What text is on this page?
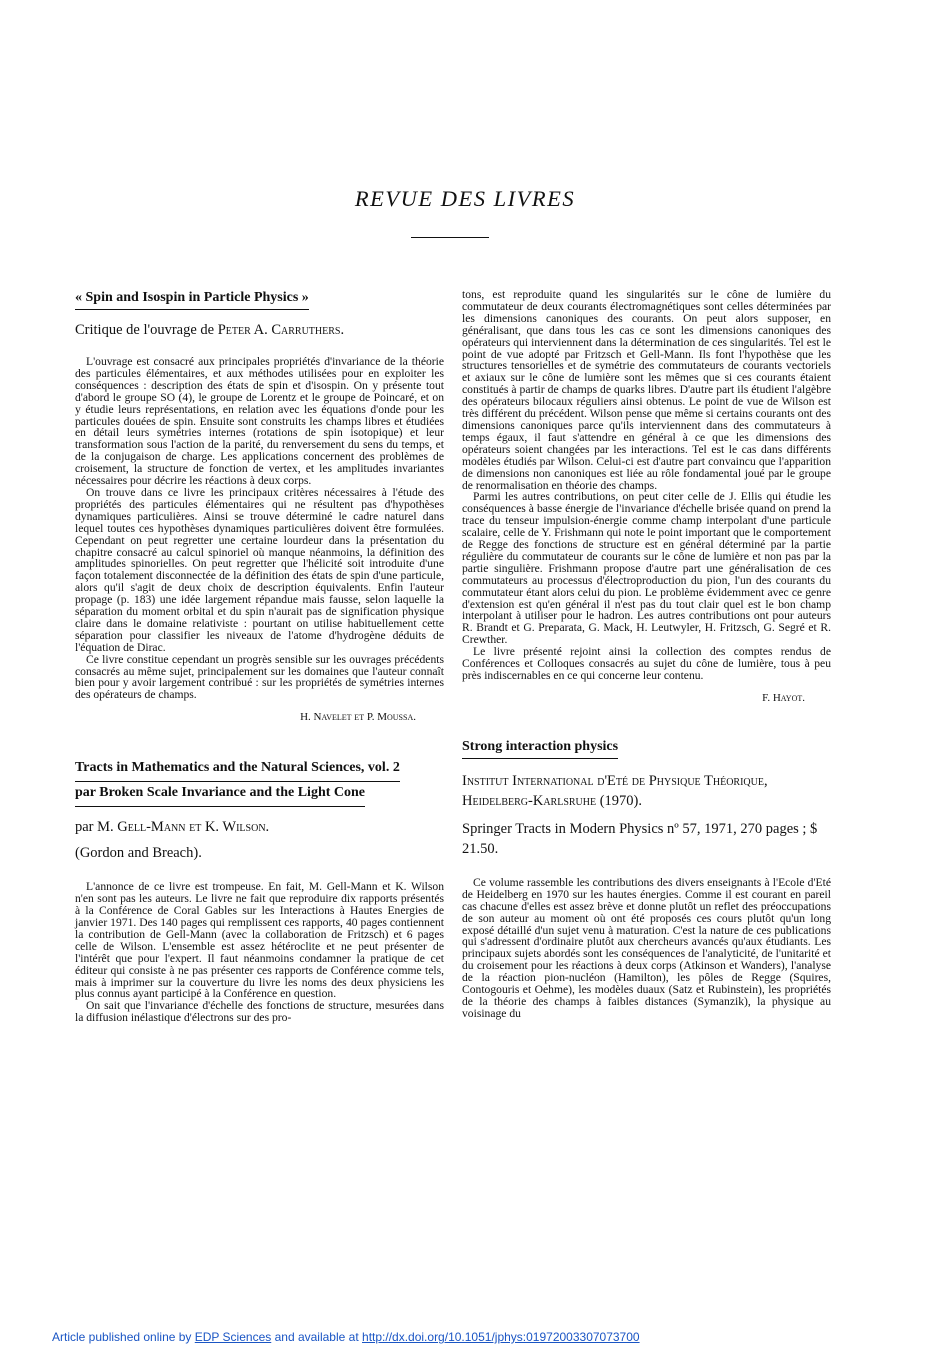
REVUE DES LIVRES
« Spin and Isospin in Particle Physics »
Critique de l'ouvrage de Peter A. Carruthers.

L'ouvrage est consacré aux principales propriétés d'invariance de la théorie des particules élémentaires, et aux méthodes utilisées pour en exploiter les conséquences : description des états de spin et d'isospin. On y présente tout d'abord le groupe SO (4), le groupe de Lorentz et le groupe de Poincaré, et on y étudie leurs représentations, en relation avec les équations d'onde pour les particules douées de spin. Ensuite sont construits les champs libres et étudiées en détail leurs symétries internes (rotations de spin isotopique) et leur transformation sous l'action de la parité, du renversement du sens du temps, et de la conjugaison de charge. Les applications concernent des problèmes de croisement, la structure de fonction de vertex, et les amplitudes invariantes nécessaires pour décrire les réactions à deux corps.

On trouve dans ce livre les principaux critères nécessaires à l'étude des propriétés des particules élémentaires qui ne résultent pas d'hypothèses dynamiques particulières. Ainsi se trouve déterminé le cadre naturel dans lequel toutes ces hypothèses dynamiques particulières doivent être formulées. Cependant on peut regretter une certaine lourdeur dans la présentation du chapitre consacré au calcul spinoriel où manque néanmoins, la définition des amplitudes spinorielles. On peut regretter que l'hélicité soit introduite d'une façon totalement disconnectée de la définition des états de spin d'une particule, alors qu'il s'agit de deux choix de description équivalents. Enfin l'auteur propage (p. 183) une idée largement répandue mais fausse, selon laquelle la séparation du moment orbital et du spin n'aurait pas de signification physique claire dans le domaine relativiste : pourtant on utilise habituellement cette séparation pour classifier les niveaux de l'atome d'hydrogène déduits de l'équation de Dirac.

Ce livre constitue cependant un progrès sensible sur les ouvrages précédents consacrés au même sujet, principalement sur les domaines que l'auteur connaît bien pour y avoir largement contribué : sur les propriétés de symétries internes des opérateurs de champs.

H. Navelet et P. Moussa.
Tracts in Mathematics and the Natural Sciences, vol. 2
par Broken Scale Invariance and the Light Cone
par M. Gell-Mann et K. Wilson.
(Gordon and Breach).

L'annonce de ce livre est trompeuse. En fait, M. Gell-Mann et K. Wilson n'en sont pas les auteurs. Le livre ne fait que reproduire dix rapports présentés à la Conférence de Coral Gables sur les Interactions à Hautes Energies de janvier 1971. Des 140 pages qui remplissent ces rapports, 40 pages contiennent la contribution de Gell-Mann (avec la collaboration de Fritzsch) et 6 pages celle de Wilson. L'ensemble est assez hétéroclite et ne peut présenter de l'intérêt que pour l'expert. Il faut néanmoins condamner la pratique de cet éditeur qui consiste à ne pas présenter ces rapports de Conférence comme tels, mais à imprimer sur la couverture du livre les noms des deux physiciens les plus connus ayant participé à la Conférence en question.

On sait que l'invariance d'échelle des fonctions de structure, mesurées dans la diffusion inélastique d'électrons sur des pro-

tons, est reproduite quand les singularités sur le cône de lumière du commutateur de deux courants électromagnétiques sont celles déterminées par les dimensions canoniques des courants. On peut alors supposer, en généralisant, que dans tous les cas ce sont les dimensions canoniques des opérateurs qui interviennent dans la détermination de ces singularités. Tel est le point de vue adopté par Fritzsch et Gell-Mann. Ils font l'hypothèse que les structures tensorielles et de symétrie des commutateurs de courants vectoriels et axiaux sur le cône de lumière sont les mêmes que si ces courants étaient constitués à partir de champs de quarks libres. D'autre part ils étudient l'algèbre des opérateurs bilocaux réguliers ainsi obtenus. Le point de vue de Wilson est très différent du précédent. Wilson pense que même si certains courants ont des dimensions canoniques parce qu'ils interviennent dans des commutateurs à temps égaux, il faut s'attendre en général à ce que les dimensions des opérateurs soient changées par les interactions. Tel est le cas dans différents modèles étudiés par Wilson. Celui-ci est d'autre part convaincu que l'apparition de dimensions non canoniques est liée au rôle fondamental joué par le groupe de renormalisation en théorie des champs.

Parmi les autres contributions, on peut citer celle de J. Ellis qui étudie les conséquences à basse énergie de l'invariance d'échelle brisée quand on prend la trace du tenseur impulsion-énergie comme champ interpolant d'une particule scalaire, celle de Y. Frishmann qui note le point important que le comportement de Regge des fonctions de structure est en général déterminé par la partie régulière du commutateur de courants sur le cône de lumière et non pas par la partie singulière. Frishmann propose d'autre part une généralisation de ces commutateurs au processus d'électroproduction du pion, l'un des courants du commutateur étant alors celui du pion. Le problème évidemment avec ce genre d'extension est qu'en général il n'est pas du tout clair quel est le bon champ interpolant à utiliser pour le hadron. Les autres contributions ont pour auteurs R. Brandt et G. Preparata, G. Mack, H. Leutwyler, H. Fritzsch, G. Segré et R. Crewther.

Le livre présenté rejoint ainsi la collection des comptes rendus de Conférences et Colloques consacrés au sujet du cône de lumière, tous à peu près indiscernables en ce qui concerne leur contenu.

F. Hayot.
Strong interaction physics
Institut International d'Eté de Physique Théorique, Heidelberg-Karlsruhe (1970).
Springer Tracts in Modern Physics nº 57, 1971, 270 pages ; $ 21.50.

Ce volume rassemble les contributions des divers enseignants à l'Ecole d'Eté de Heidelberg en 1970 sur les hautes énergies. Comme il est courant en pareil cas chacune d'elles est assez brève et donne plutôt un reflet des préoccupations de son auteur au moment où ont été proposés ces cours plutôt qu'un long exposé détaillé d'un sujet venu à maturation. C'est la nature de ces publications qui s'adressent d'ordinaire plutôt aux chercheurs avancés qu'aux étudiants. Les principaux sujets abordés sont les conséquences de l'analyticité, de l'unitarité et du croisement pour les réactions à deux corps (Atkinson et Wanders), l'analyse de la réaction pion-nucléon (Hamilton), les pôles de Regge (Squires, Contogouris et Oehme), les modèles duaux (Satz et Rubinstein), les propriétés de la théorie des champs à faibles distances (Symanzik), la physique au voisinage du

Article published online by EDP Sciences and available at http://dx.doi.org/10.1051/jphys:01972003307073700
